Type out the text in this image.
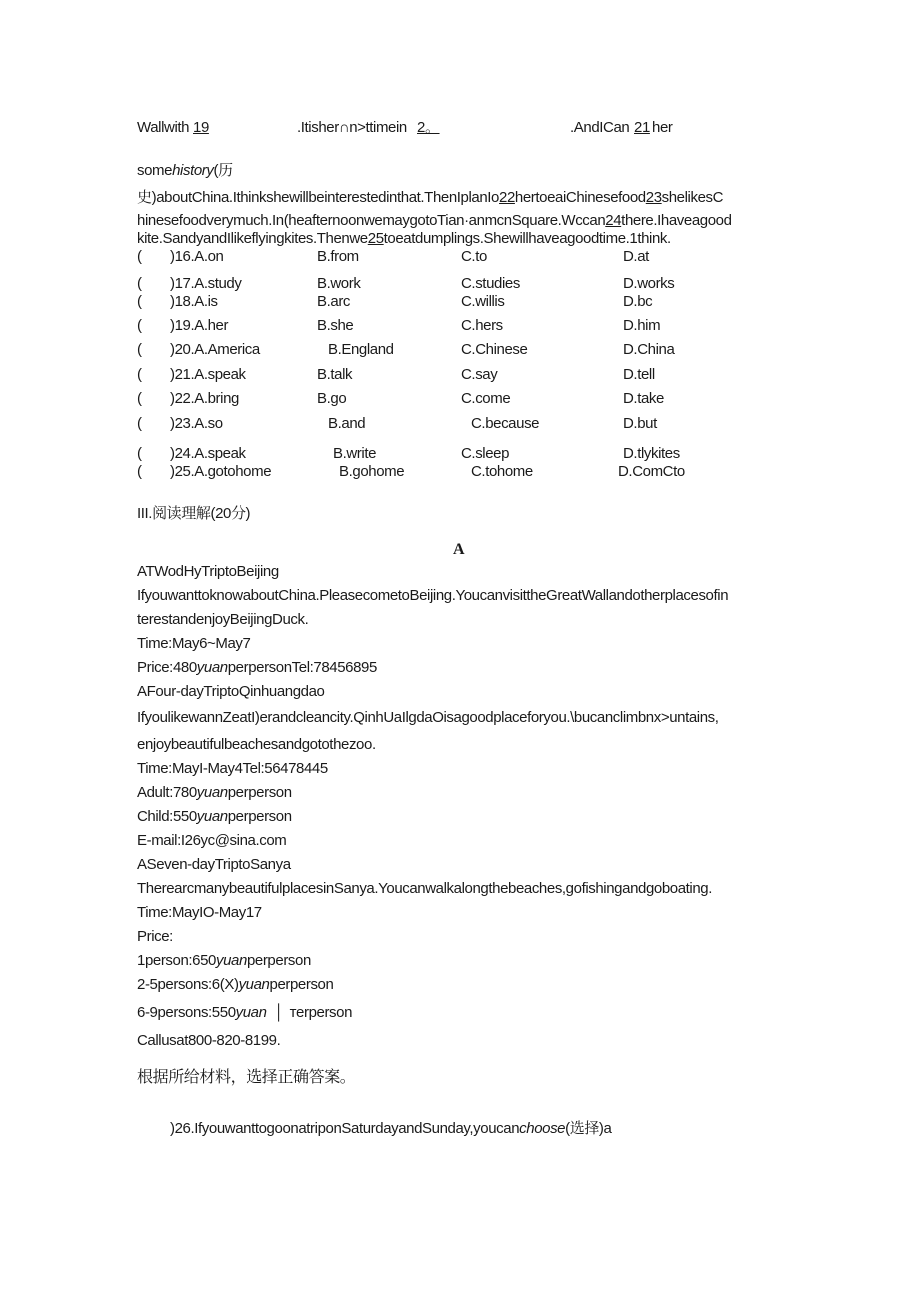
Wallwith 19	.Itisher∩n>ttimein 2。	.AndICan 21 her
somehistory(历
史)aboutChina.Ithinkshewillbeinterestedinthat.ThenIplanIo22hertoeaiChinesefood23shelikesC
hinesefoodverymuch.In(heafternoonwemaygotoTian·anmcnSquare.Wccan24there.Ihaveagood
kite.SandyandIlikeflyingkites.Thenwe25toeatdumplings.Shewillhaveagoodtime.1think.
( )16.A.on	B.from	C.to	D.at
( )17.A.study	B.work	C.studies	D.works
( )18.A.is	B.arc	C.willis	D.bc
( )19.A.her	B.she	C.hers	D.him
( )20.A.America	B.England	C.Chinese	D.China
( )21.A.speak	B.talk	C.say	D.tell
( )22.A.bring	B.go	C.come	D.take
( )23.A.so	B.and	C.because	D.but
( )24.A.speak	B.write	C.sleep	D.tlykites
( )25.A.gotohome	B.gohome	C.tohome	D.ComCto
III.阅读理解(20分)
A
ATWodHyTriptoBeijing
IfyouwanttoknowaboutChina.PleasecometoBeijing.YoucanvisittheGreatWallandotherplacesofin
terestandenjoyBeijingDuck.
Time:May6~May7
Price:480yuanperpersonTel:78456895
AFour-dayTriptoQinhuangdao
IfyoulikewannZeatI)erandcleancity.QinhUaIlgdaOisagoodplaceforyou.\bucanclimbnx>untains,
enjoybeautifulbeachesandgotothezoo.
Time:MayI-May4Tel:56478445
Adult:780yuanperperson
Child:550yuanperperson
E-mail:I26yc@sina.com
ASeven-dayTriptoSanya
TherearcmanybeautifulplacesinSanya.Youcanwalkalongthebeaches,gofishingandgoboating.
Time:MayIO-May17
Price:
1person:650yuanperperson
2-5persons:6(X)yuanperperson
6-9persons:550yuan │ тerperson
Callusat800-820-8199.
根据所给材料，选择正确答案。
)26.IfyouwanttogoonatriponSaturdayandSunday,youcanchoose(选择)a
